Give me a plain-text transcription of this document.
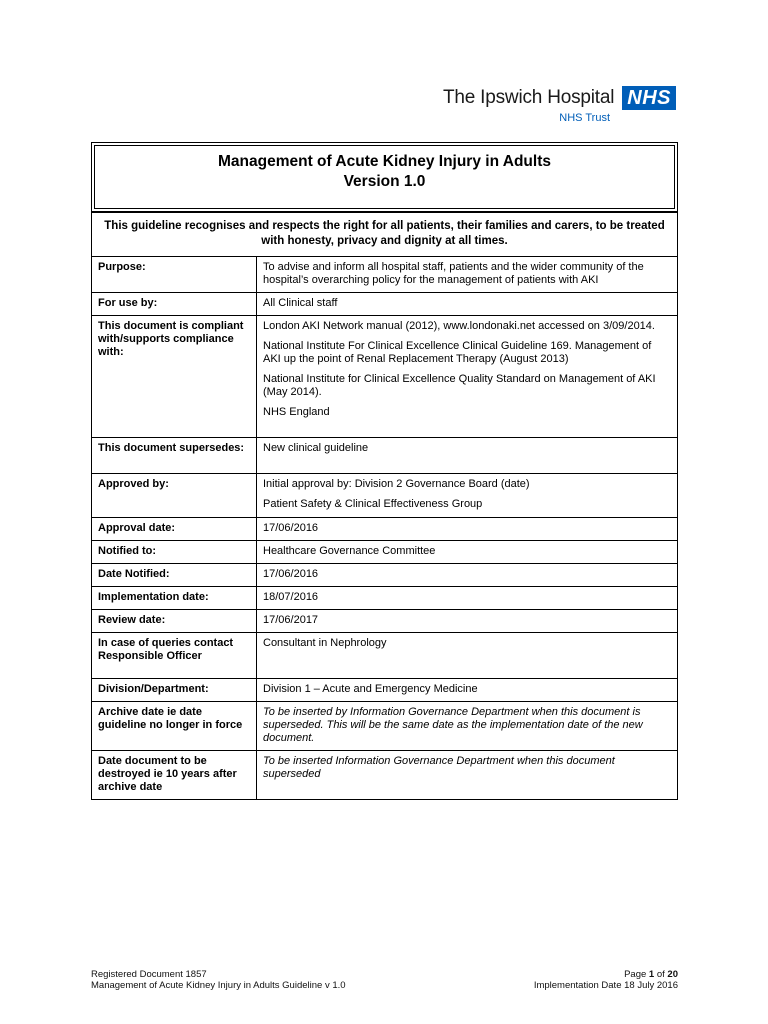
The Ipswich Hospital NHS
NHS Trust
Management of Acute Kidney Injury in Adults
Version 1.0
This guideline recognises and respects the right for all patients, their families and carers, to be treated with honesty, privacy and dignity at all times.	
Purpose:	To advise and inform all hospital staff, patients and the wider community of the hospital’s overarching policy for the management of patients with AKI

For use by:	All Clinical staff

This document is compliant with/supports compliance with:	London AKI Network manual (2012), www.londonaki.net accessed on 3/09/2014.

National Institute For Clinical Excellence Clinical Guideline 169. Management of AKI up the point of Renal Replacement Therapy (August 2013)

National Institute for Clinical Excellence Quality Standard on Management of AKI (May 2014).

NHS England

This document supersedes:	New clinical guideline

Approved by:	Initial approval by: Division 2 Governance Board (date)

Patient Safety & Clinical Effectiveness Group

Approval date:	17/06/2016

Notified to:	Healthcare Governance Committee

Date Notified:	17/06/2016

Implementation date:	18/07/2016

Review date:	17/06/2017

In case of queries contact Responsible Officer	Consultant in Nephrology

Division/Department:	Division 1 – Acute and Emergency Medicine

Archive date ie date guideline no longer in force	To be inserted by Information Governance Department when this document is superseded. This will be the same date as the implementation date of the new document.

Date document to be destroyed ie 10 years after archive date	To be inserted Information Governance Department when this document superseded

Registered Document 1857	Page 1 of 20
Management of Acute Kidney Injury in Adults Guideline v 1.0	Implementation Date 18 July 2016
